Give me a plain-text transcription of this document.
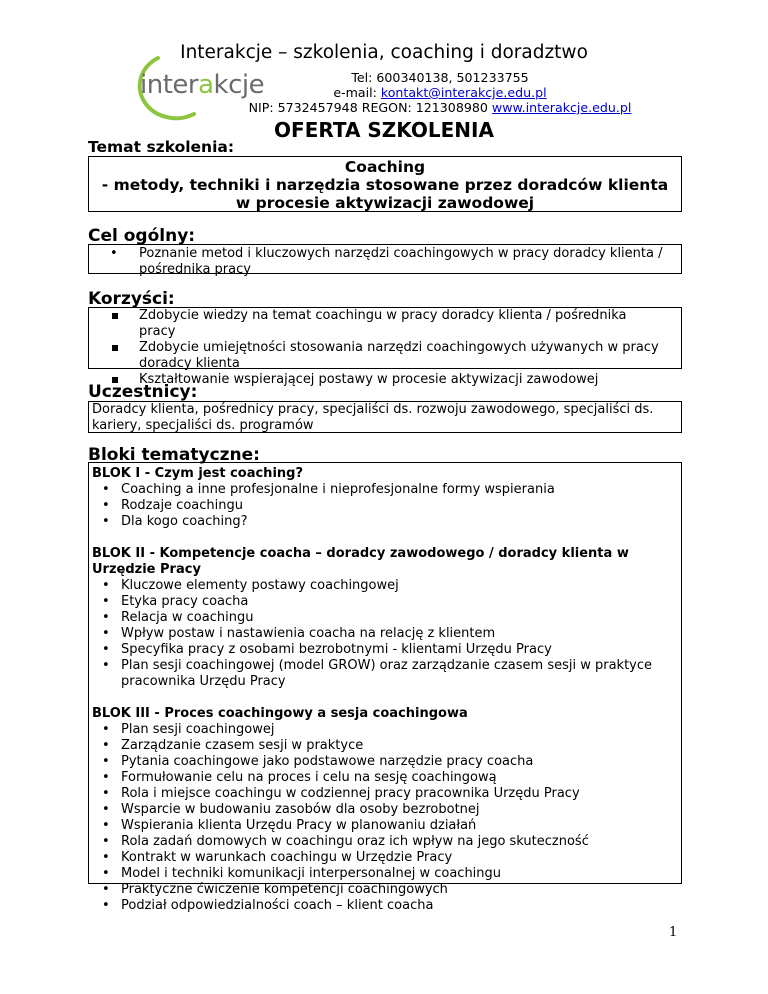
Interakcje – szkolenia, coaching i doradztwo
interakcje	Tel: 600340138, 501233755
e-mail: kontakt@interakcje.edu.pl
NIP: 5732457948 REGON: 121308980 www.interakcje.edu.pl
OFERTA SZKOLENIA
Temat szkolenia:
Coaching
- metody, techniki i narzędzia stosowane przez doradców klienta
w procesie aktywizacji zawodowej
Cel ogólny:
• Poznanie metod i kluczowych narzędzi coachingowych w pracy doradcy klienta / pośrednika pracy
Korzyści:
Zdobycie wiedzy na temat coachingu w pracy doradcy klienta / pośrednika pracy
Zdobycie umiejętności stosowania narzędzi coachingowych używanych w pracy doradcy klienta
Kształtowanie wspierającej postawy w procesie aktywizacji zawodowej
Uczestnicy:
Doradcy klienta, pośrednicy pracy, specjaliści ds. rozwoju zawodowego, specjaliści ds. kariery, specjaliści ds. programów
Bloki tematyczne:
BLOK I - Czym jest coaching?
• Coaching a inne profesjonalne i nieprofesjonalne formy wspierania
• Rodzaje coachingu
• Dla kogo coaching?
BLOK II - Kompetencje coacha – doradcy zawodowego / doradcy klienta w Urzędzie Pracy
• Kluczowe elementy postawy coachingowej
• Etyka pracy coacha
• Relacja w coachingu
• Wpływ postaw i nastawienia coacha na relację z klientem
• Specyfika pracy z osobami bezrobotnymi - klientami Urzędu Pracy
• Plan sesji coachingowej (model GROW) oraz zarządzanie czasem sesji w praktyce pracownika Urzędu Pracy
BLOK III - Proces coachingowy a sesja coachingowa
• Plan sesji coachingowej
• Zarządzanie czasem sesji w praktyce
• Pytania coachingowe jako podstawowe narzędzie pracy coacha
• Formułowanie celu na proces i celu na sesję coachingową
• Rola i miejsce coachingu w codziennej pracy pracownika Urzędu Pracy
• Wsparcie w budowaniu zasobów dla osoby bezrobotnej
• Wspierania klienta Urzędu Pracy w planowaniu działań
• Rola zadań domowych w coachingu oraz ich wpływ na jego skuteczność
• Kontrakt w warunkach coachingu w Urzędzie Pracy
• Model i techniki komunikacji interpersonalnej w coachingu
• Praktyczne ćwiczenie kompetencji coachingowych
• Podział odpowiedzialności coach – klient coacha
1
